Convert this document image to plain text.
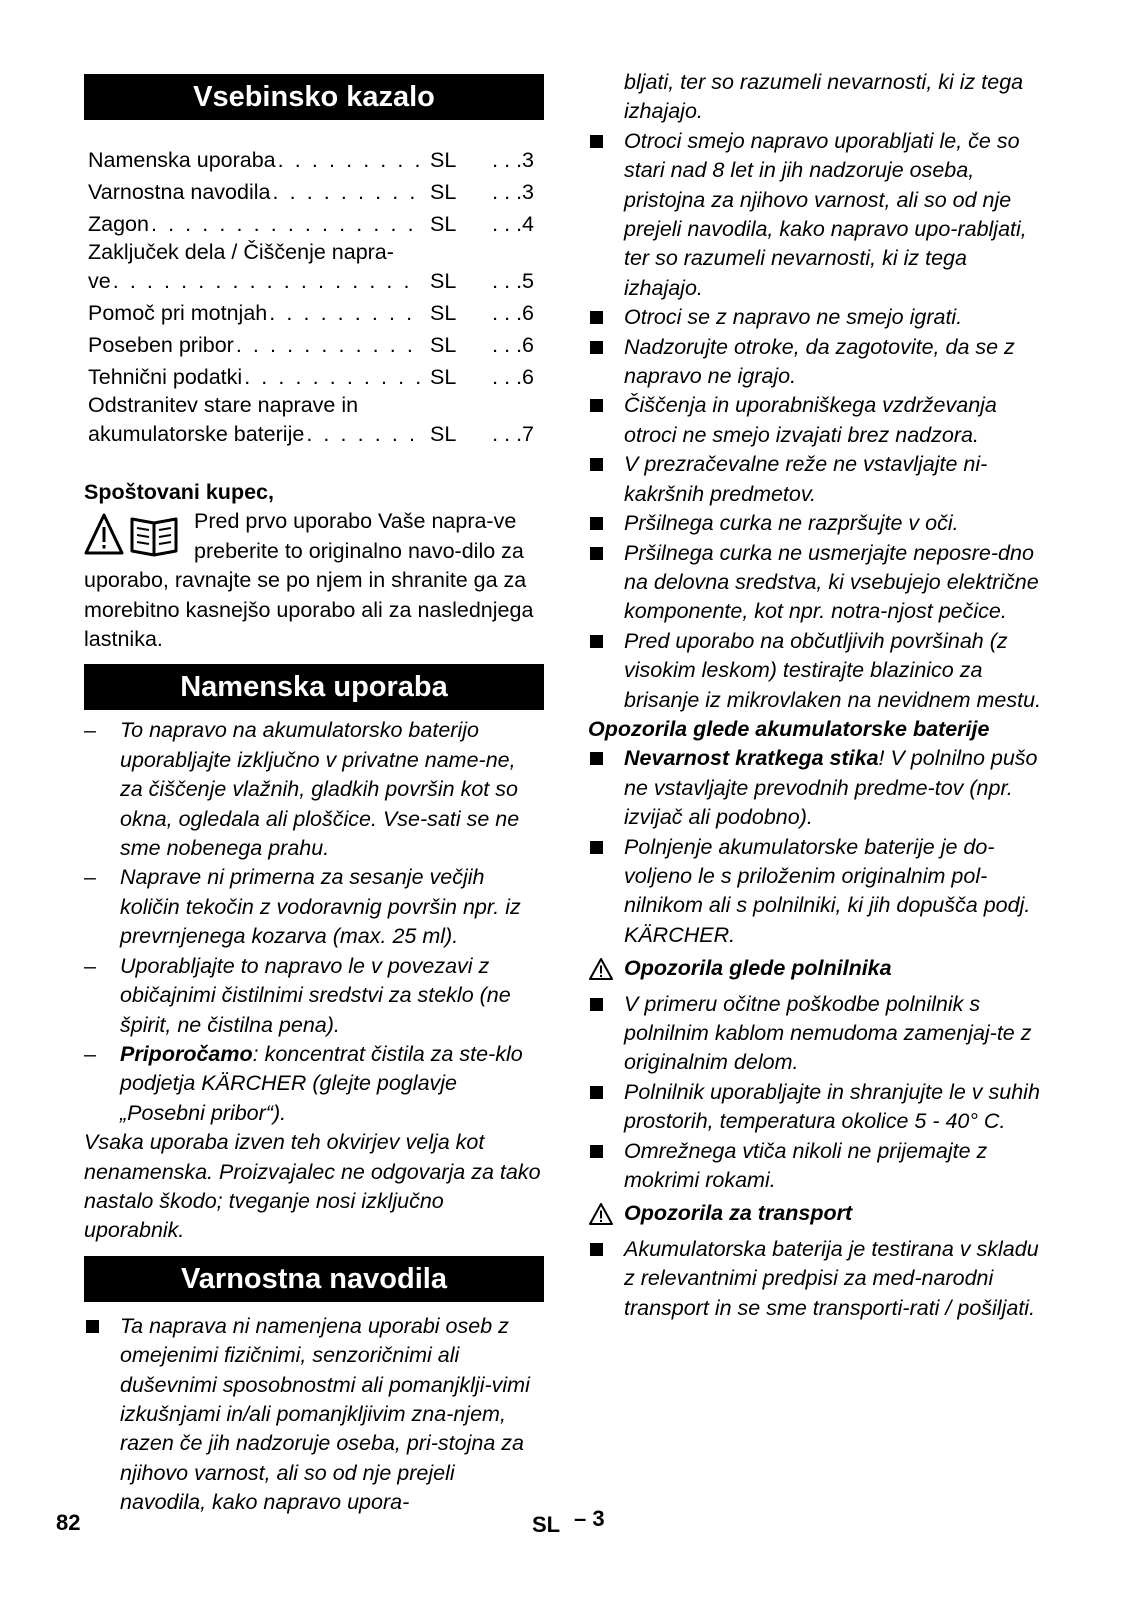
Vsebinsko kazalo
Namenska uporaba . . .	SL	. . .3
Varnostna navodila . . .	SL	. . .3
Zagon . . .	SL	. . .4
Zaključek dela / Čiščenje napra-
ve . . .	SL	. . .5
Pomoč pri motnjah . . .	SL	. . .6
Poseben pribor . . .	SL	. . .6
Tehnični podatki . . .	SL	. . .6
Odstranitev stare naprave in
akumulatorske baterije . . .	SL	. . .7

Spoštovani kupec,

Pred prvo uporabo Vaše napra-ve preberite to originalno navo-dilo za uporabo, ravnajte se po njem in shranite ga za morebitno kasnejšo uporabo ali za naslednjega lastnika.

Namenska uporaba
–	To napravo na akumulatorsko baterijo uporabljajte izključno v privatne name-ne, za čiščenje vlažnih, gladkih površin kot so okna, ogledala ali ploščice. Vse-sati se ne sme nobenega prahu.
–	Naprave ni primerna za sesanje večjih količin tekočin z vodoravnig površin npr. iz prevrnjenega kozarva (max. 25 ml).
–	Uporabljajte to napravo le v povezavi z običajnimi čistilnimi sredstvi za steklo (ne špirit, ne čistilna pena).
–	Priporočamo: koncentrat čistila za ste-klo podjetja KÄRCHER (glejte poglavje „Posebni pribor“).

Vsaka uporaba izven teh okvirjev velja kot nenamenska. Proizvajalec ne odgovarja za tako nastalo škodo; tveganje nosi izključno uporabnik.

Varnostna navodila
Ta naprava ni namenjena uporabi oseb z omejenimi fizičnimi, senzoričnimi ali duševnimi sposobnostmi ali pomanjklji-vimi izkušnjami in/ali pomanjkljivim zna-njem, razen če jih nadzoruje oseba, pri-stojna za njihovo varnost, ali so od nje prejeli navodila, kako napravo upora-
bljati, ter so razumeli nevarnosti, ki iz tega izhajajo.
Otroci smejo napravo uporabljati le, če so stari nad 8 let in jih nadzoruje oseba, pristojna za njihovo varnost, ali so od nje prejeli navodila, kako napravo upo-rabljati, ter so razumeli nevarnosti, ki iz tega izhajajo.
Otroci se z napravo ne smejo igrati.
Nadzorujte otroke, da zagotovite, da se z napravo ne igrajo.
Čiščenja in uporabniškega vzdrževanja otroci ne smejo izvajati brez nadzora.
V prezračevalne reže ne vstavljajte ni-kakršnih predmetov.
Pršilnega curka ne razpršujte v oči.
Pršilnega curka ne usmerjajte neposre-dno na delovna sredstva, ki vsebujejo električne komponente, kot npr. notra-njost pečice.
Pred uporabo na občutljivih površinah (z visokim leskom) testirajte blazinico za brisanje iz mikrovlaken na nevidnem mestu.

Opozorila glede akumulatorske baterije

Nevarnost kratkega stika! V polnilno pušo ne vstavljajte prevodnih predme-tov (npr. izvijač ali podobno).
Polnjenje akumulatorske baterije je do-voljeno le s priloženim originalnim pol-nilnikom ali s polnilniki, ki jih dopušča podj. KÄRCHER.
Opozorila glede polnilnika
V primeru očitne poškodbe polnilnik s polnilnim kablom nemudoma zamenjaj-te z originalnim delom.
Polnilnik uporabljajte in shranjujte le v suhih prostorih, temperatura okolice 5 - 40° C.
Omrežnega vtiča nikoli ne prijemajte z mokrimi rokami.
Opozorila za transport
Akumulatorska baterija je testirana v skladu z relevantnimi predpisi za med-narodni transport in se sme transporti-rati / pošiljati.
82	SL – 3
